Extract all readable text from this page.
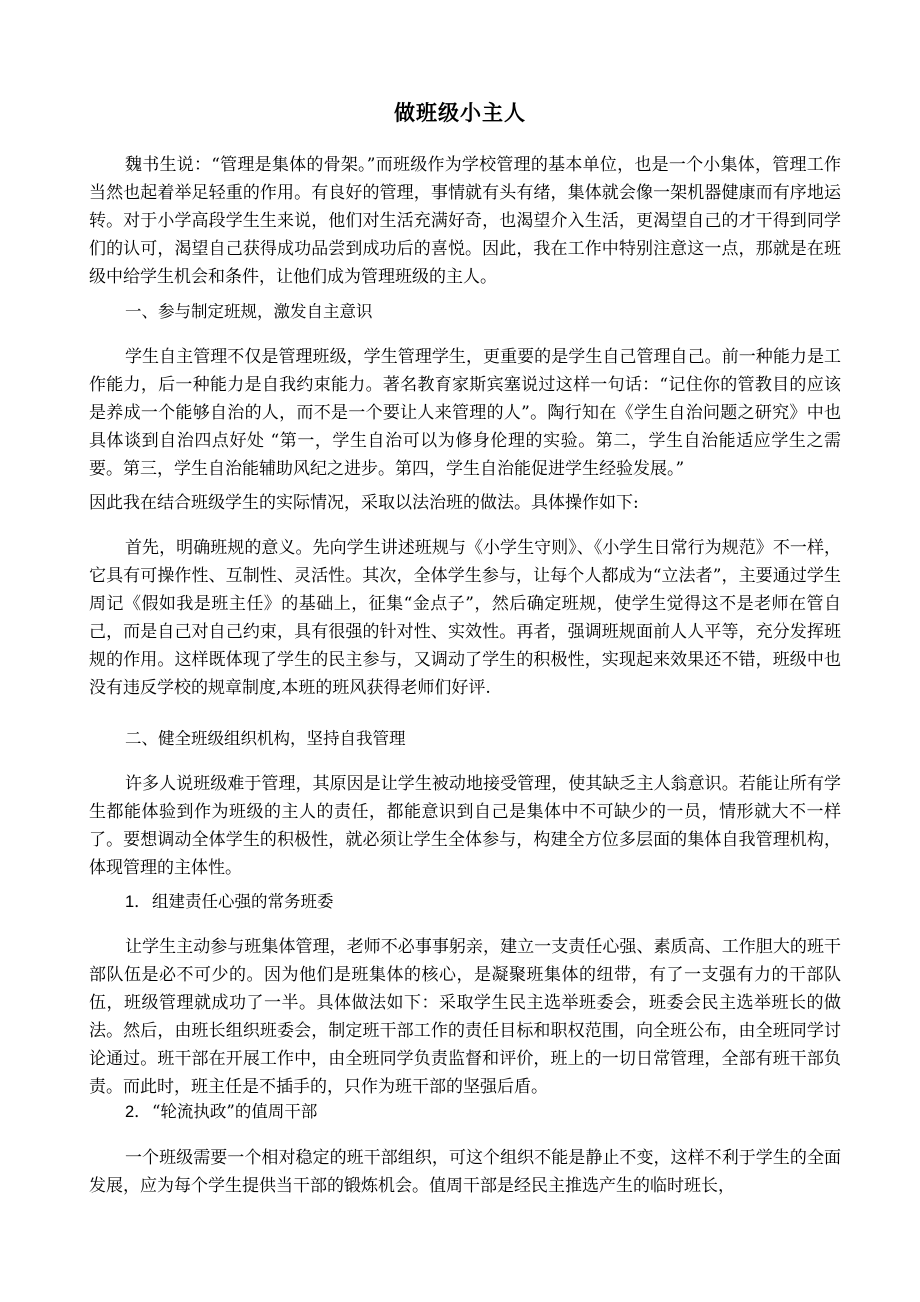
做班级小主人
魏书生说：“管理是集体的骨架。”而班级作为学校管理的基本单位，也是一个小集体，管理工作当然也起着举足轻重的作用。有良好的管理，事情就有头有绪，集体就会像一架机器健康而有序地运转。对于小学高段学生生来说，他们对生活充满好奇，也渴望介入生活，更渴望自己的才干得到同学们的认可，渴望自己获得成功品尝到成功后的喜悦。因此，我在工作中特别注意这一点，那就是在班级中给学生机会和条件，让他们成为管理班级的主人。
一、参与制定班规，激发自主意识
学生自主管理不仅是管理班级，学生管理学生，更重要的是学生自己管理自己。前一种能力是工作能力，后一种能力是自我约束能力。著名教育家斯宾塞说过这样一句话：“记住你的管教目的应该是养成一个能够自治的人，而不是一个要让人来管理的人”。陶行知在《学生自治问题之研究》中也具体谈到自治四点好处 “第一，学生自治可以为修身伦理的实验。第二，学生自治能适应学生之需要。第三，学生自治能辅助风纪之进步。第四，学生自治能促进学生经验发展。”
因此我在结合班级学生的实际情况，采取以法治班的做法。具体操作如下:
首先，明确班规的意义。先向学生讲述班规与《小学生守则》、《小学生日常行为规范》不一样，它具有可操作性、互制性、灵活性。其次，全体学生参与，让每个人都成为“立法者”，主要通过学生周记《假如我是班主任》的基础上，征集“金点子”，然后确定班规，使学生觉得这不是老师在管自己，而是自己对自己约束，具有很强的针对性、实效性。再者，强调班规面前人人平等，充分发挥班规的作用。这样既体现了学生的民主参与，又调动了学生的积极性，实现起来效果还不错，班级中也没有违反学校的规章制度,本班的班风获得老师们好评.
二、健全班级组织机构，坚持自我管理
许多人说班级难于管理，其原因是让学生被动地接受管理，使其缺乏主人翁意识。若能让所有学生都能体验到作为班级的主人的责任，都能意识到自己是集体中不可缺少的一员，情形就大不一样了。要想调动全体学生的积极性，就必须让学生全体参与，构建全方位多层面的集体自我管理机构，体现管理的主体性。
1．组建责任心强的常务班委
让学生主动参与班集体管理，老师不必事事躬亲，建立一支责任心强、素质高、工作胆大的班干部队伍是必不可少的。因为他们是班集体的核心，是凝聚班集体的纽带，有了一支强有力的干部队伍，班级管理就成功了一半。具体做法如下：采取学生民主选举班委会，班委会民主选举班长的做法。然后，由班长组织班委会，制定班干部工作的责任目标和职权范围，向全班公布，由全班同学讨论通过。班干部在开展工作中，由全班同学负责监督和评价，班上的一切日常管理，全部有班干部负责。而此时，班主任是不插手的，只作为班干部的坚强后盾。
2．“轮流执政”的值周干部
一个班级需要一个相对稳定的班干部组织，可这个组织不能是静止不变，这样不利于学生的全面发展，应为每个学生提供当干部的锻炼机会。值周干部是经民主推选产生的临时班长，
